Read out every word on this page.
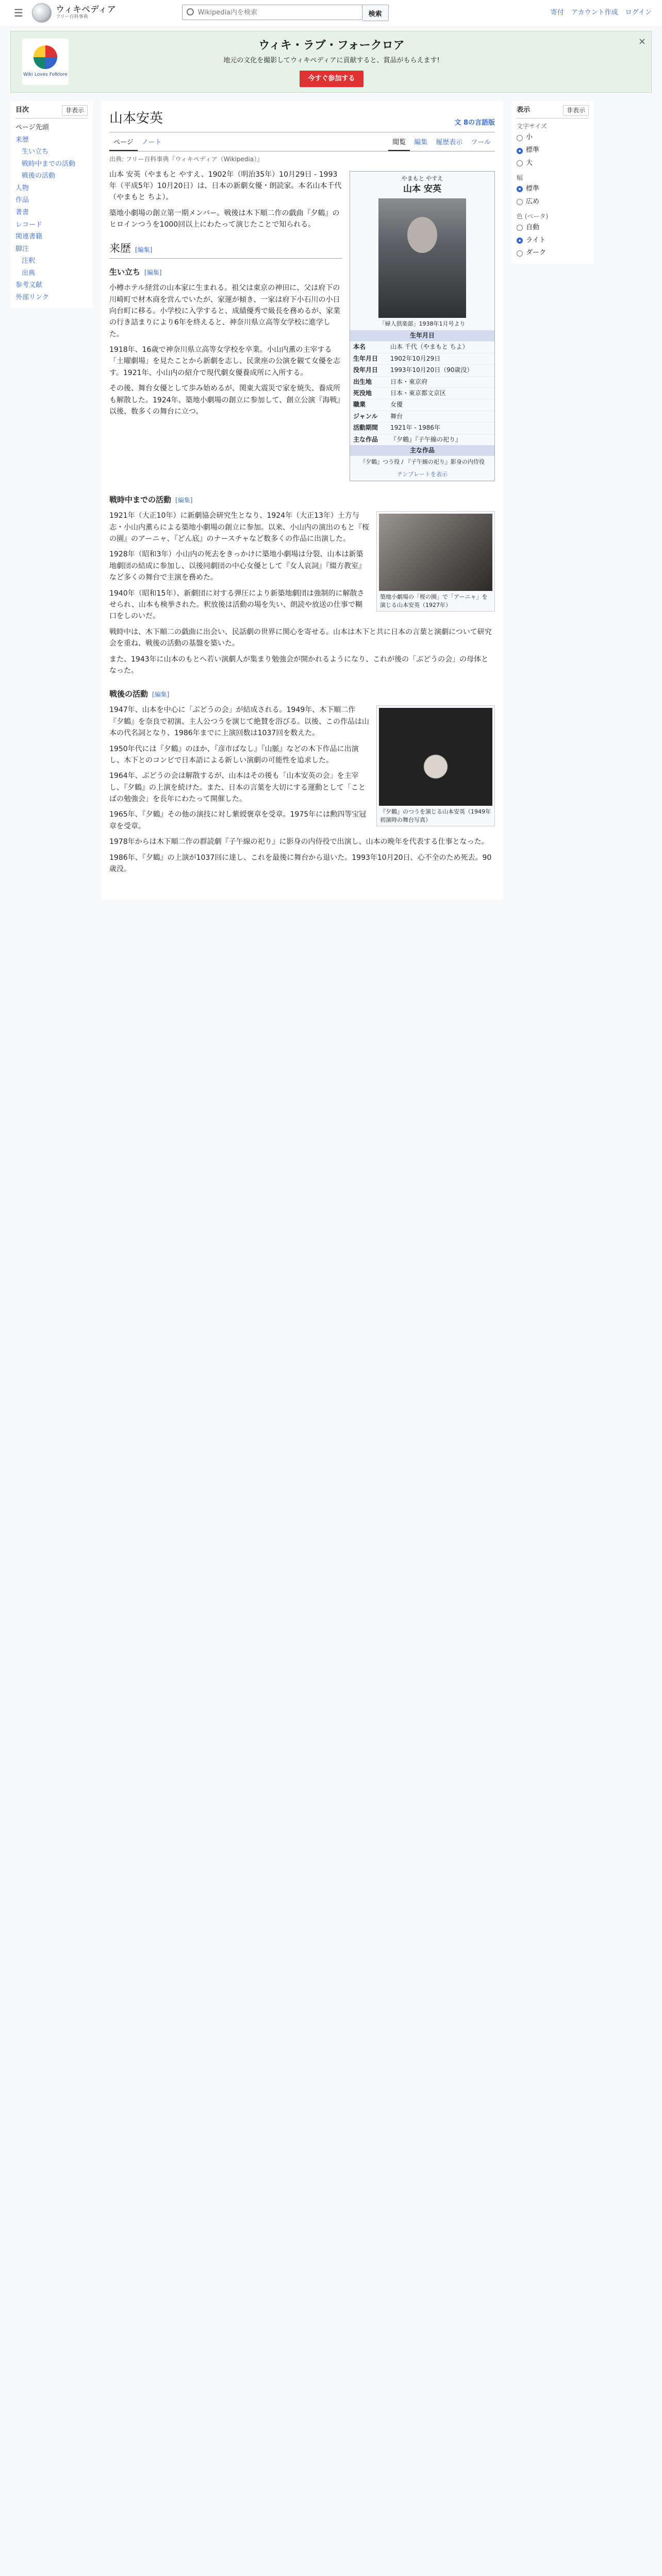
☰	ウィキペディア
フリー百科事典
Wikipedia内を検索	検索	寄付 アカウント作成 ログイン
Wiki Loves Folklore
ウィキ・ラブ・フォークロア
地元の文化を撮影してウィキペディアに貢献すると、賞品がもらえます!
今すぐ参加する
×
目次	非表示
ページ先頭
来歴
生い立ち
戦時中までの活動
戦後の活動
人物
作品
著書
レコード
関連書籍
脚注
注釈
出典
参考文献
外部リンク
山本安英	文 8の言語版
ページ	ノート	閲覧	編集	履歴表示	ツール
出典: フリー百科事典『ウィキペディア（Wikipedia）』
やまもと やすえ
山本 安英
「婦人倶楽部」1938年1月号より
生年月日
本名	山本 千代（やまもと ちよ）
生年月日	1902年10月29日
没年月日	1993年10月20日（90歳没）
出生地	日本・東京府
死没地	日本・東京都文京区
職業	女優
ジャンル	舞台
活動期間	1921年 - 1986年
主な作品	『夕鶴』『子午線の祀り』
主な作品
『夕鶴』つう役 / 『子午線の祀り』影身の内侍役
テンプレートを表示

山本 安英（やまもと やすえ、1902年（明治35年）10月29日 - 1993年（平成5年）10月20日）は、日本の新劇女優・朗読家。本名山本千代（やまもと ちよ）。

築地小劇場の創立第一期メンバー。戦後は木下順二作の戯曲『夕鶴』のヒロインつうを1000回以上にわたって演じたことで知られる。

来歴 [編集]
生い立ち [編集]

小樽ホテル経営の山本家に生まれる。祖父は東京の神田に、父は府下の川崎町で材木商を営んでいたが、家運が傾き、一家は府下小石川の小日向台町に移る。小学校に入学すると、成績優秀で級長を務めるが、家業の行き詰まりにより6年を終えると、神奈川県立高等女学校に進学した。

1918年、16歳で神奈川県立高等女学校を卒業。小山内薫の主宰する「土曜劇場」を見たことから新劇を志し、民衆座の公演を観て女優を志す。1921年、小山内の紹介で現代劇女優養成所に入所する。

その後、舞台女優として歩み始めるが、関東大震災で家を焼失、養成所も解散した。1924年、築地小劇場の創立に参加して、創立公演『海戦』以後、数多くの舞台に立つ。

戦時中までの活動 [編集]
築地小劇場の「桜の園」で「アーニャ」を演じる山本安英（1927年）

1921年（大正10年）に新劇協会研究生となり、1924年（大正13年）土方与志・小山内薫らによる築地小劇場の創立に参加。以来、小山内の演出のもと『桜の園』のアーニャ、『どん底』のナースチャなど数多くの作品に出演した。

1928年（昭和3年）小山内の死去をきっかけに築地小劇場は分裂、山本は新築地劇団の結成に参加し、以後同劇団の中心女優として『女人哀詞』『綴方教室』など多くの舞台で主演を務めた。

1940年（昭和15年）、新劇団に対する弾圧により新築地劇団は強制的に解散させられ、山本も検挙された。釈放後は活動の場を失い、朗読や放送の仕事で糊口をしのいだ。

戦時中は、木下順二の戯曲に出会い、民話劇の世界に関心を寄せる。山本は木下と共に日本の言葉と演劇について研究会を重ね、戦後の活動の基盤を築いた。

また、1943年に山本のもとへ若い演劇人が集まり勉強会が開かれるようになり、これが後の「ぶどうの会」の母体となった。

戦後の活動 [編集]
『夕鶴』のつうを演じる山本安英（1949年初演時の舞台写真）

1947年、山本を中心に「ぶどうの会」が結成される。1949年、木下順二作『夕鶴』を奈良で初演、主人公つうを演じて絶賛を浴びる。以後、この作品は山本の代名詞となり、1986年までに上演回数は1037回を数えた。

1950年代には『夕鶴』のほか、『彦市ばなし』『山脈』などの木下作品に出演し、木下とのコンビで日本語による新しい演劇の可能性を追求した。

1964年、ぶどうの会は解散するが、山本はその後も「山本安英の会」を主宰し、『夕鶴』の上演を続けた。また、日本の言葉を大切にする運動として「ことばの勉強会」を長年にわたって開催した。

1965年、『夕鶴』その他の演技に対し紫綬褒章を受章。1975年には勲四等宝冠章を受章。

1978年からは木下順二作の群読劇『子午線の祀り』に影身の内侍役で出演し、山本の晩年を代表する仕事となった。

1986年、『夕鶴』の上演が1037回に達し、これを最後に舞台から退いた。1993年10月20日、心不全のため死去。90歳没。

表示	非表示
文字サイズ
小
標準
大
幅
標準
広め
色 (ベータ)
自動
ライト
ダーク
